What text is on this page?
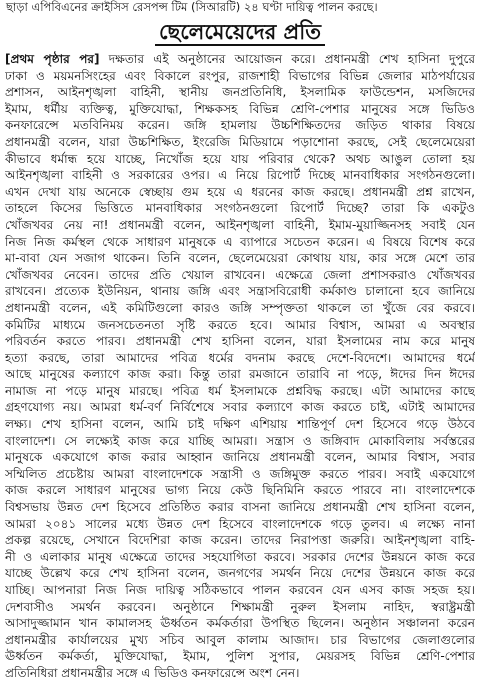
ছাড়া এপিবিএনের ক্রাইসিস রেসপন্স টিম (সিআরটি) ২৪ ঘণ্টা দায়িত্ব পালন করছে।
ছেলেমেয়েদের প্রতি
[প্রথম পৃষ্ঠার পর] দক্ষতার এই অনুষ্ঠানের আয়োজন করে। প্রধানমন্ত্রী শেখ হাসিনা দুপুরে
ঢাকা ও ময়মনসিংহের এবং বিকালে রংপুর, রাজশাহী বিভাগের বিভিন্ন জেলার মাঠপর্যায়ের
প্রশাসন, আইনশৃঙ্খলা বাহিনী, স্থানীয় জনপ্রতিনিধি, ইসলামিক ফাউন্ডেশন, মসজিদের
ইমাম, ধর্মীয় ব্যক্তিত্ব, মুক্তিযোদ্ধা, শিক্ষকসহ বিভিন্ন শ্রেণি-পেশার মানুষের সঙ্গে ভিডিও
কনফারেন্সে মতবিনিময় করেন। জঙ্গি হামলায় উচ্চশিক্ষিতদের জড়িত থাকার বিষয়ে
প্রধানমন্ত্রী বলেন, যারা উচ্চশিক্ষিত, ইংরেজি মিডিয়ামে পড়াশোনা করছে, সেই ছেলেমেয়েরা
কীভাবে ধর্মান্ধ হয়ে যাচ্ছে, নিখোঁজ হয়ে যায় পরিবার থেকে? অথচ আঙুল তোলা হয়
আইনশৃঙ্খলা বাহিনী ও সরকারের ওপর। এ নিয়ে রিপোর্ট দিচ্ছে মানবাধিকার সংগঠনগুলো।
এখন দেখা যায় অনেকে স্বেচ্ছায় গুম হয়ে এ ধরনের কাজ করছে। প্রধানমন্ত্রী প্রশ্ন রাখেন,
তাহলে কিসের ভিত্তিতে মানবাধিকার সংগঠনগুলো রিপোর্ট দিচ্ছে? তারা কি একটুও
খোঁজখবর নেয় না! প্রধানমন্ত্রী বলেন, আইনশৃঙ্খলা বাহিনী, ইমাম-মুয়াজ্জিনসহ সবাই যেন
নিজ নিজ কর্মস্থল থেকে সাধারণ মানুষকে এ ব্যাপারে সচেতন করেন। এ বিষয়ে বিশেষ করে
মা-বাবা যেন সজাগ থাকেন। তিনি বলেন, ছেলেমেয়েরা কোথায় যায়, কার সঙ্গে মেশে তার
খোঁজখবর নেবেন। তাদের প্রতি খেয়াল রাখবেন। এক্ষেত্রে জেলা প্রশাসকরাও খোঁজখবর
রাখবেন। প্রত্যেক ইউনিয়ন, থানায় জঙ্গি এবং সন্ত্রাসবিরোধী কর্মকাণ্ড চালানো হবে জানিয়ে
প্রধানমন্ত্রী বলেন, এই কমিটিগুলো কারও জঙ্গি সম্পৃক্ততা থাকলে তা খুঁজে বের করবে।
কমিটির মাধ্যমে জনসচেতনতা সৃষ্টি করতে হবে। আমার বিশ্বাস, আমরা এ অবস্থার
পরিবর্তন করতে পারব। প্রধানমন্ত্রী শেখ হাসিনা বলেন, যারা ইসলামের নাম করে মানুষ
হত্যা করছে, তারা আমাদের পবিত্র ধর্মের বদনাম করছে দেশে-বিদেশে। আমাদের ধর্মে
আছে মানুষের কল্যাণে কাজ করা। কিন্তু তারা রমজানে তারাবি না পড়ে, ঈদের দিন ঈদের
নামাজ না পড়ে মানুষ মারছে। পবিত্র ধর্ম ইসলামকে প্রশ্নবিদ্ধ করছে। এটা আমাদের কাছে
গ্রহণযোগ্য নয়। আমরা ধর্ম-বর্ণ নির্বিশেষে সবার কল্যাণে কাজ করতে চাই, এটাই আমাদের
লক্ষ্য। শেখ হাসিনা বলেন, আমি চাই দক্ষিণ এশিয়ায় শান্তিপূর্ণ দেশ হিসেবে গড়ে উঠবে
বাংলাদেশ। সে লক্ষ্যেই কাজ করে যাচ্ছি আমরা। সন্ত্রাস ও জঙ্গিবাদ মোকাবিলায় সর্বস্তরের
মানুষকে একযোগে কাজ করার আহ্বান জানিয়ে প্রধানমন্ত্রী বলেন, আমার বিশ্বাস, সবার
সম্মিলিত প্রচেষ্টায় আমরা বাংলাদেশকে সন্ত্রাসী ও জঙ্গিমুক্ত করতে পারব। সবাই একযোগে
কাজ করলে সাধারণ মানুষের ভাগ্য নিয়ে কেউ ছিনিমিনি করতে পারবে না। বাংলাদেশকে
বিশ্বসভায় উন্নত দেশ হিসেবে প্রতিষ্ঠিত করার বাসনা জানিয়ে প্রধানমন্ত্রী শেখ হাসিনা বলেন,
আমরা ২০৪১ সালের মধ্যে উন্নত দেশ হিসেবে বাংলাদেশকে গড়ে তুলব। এ লক্ষ্যে নানা
প্রকল্প রয়েছে, সেখানে বিদেশিরা কাজ করেন। তাদের নিরাপত্তা জরুরি। আইনশৃঙ্খলা বাহি-
নী ও এলাকার মানুষ এক্ষেত্রে তাদের সহযোগিতা করবে। সরকার দেশের উন্নয়নে কাজ করে
যাচ্ছে উল্লেখ করে শেখ হাসিনা বলেন, জনগণের সমর্থন নিয়ে দেশের উন্নয়নে কাজ করে
যাচ্ছি। আপনারা নিজ নিজ দায়িত্ব সঠিকভাবে পালন করবেন যেন এসব কাজ সহজ হয়।
দেশবাসীও সমর্থন করবেন। অনুষ্ঠানে শিক্ষামন্ত্রী নুরুল ইসলাম নাহিদ, স্বরাষ্ট্রমন্ত্রী
আসাদুজ্জামান খান কামালসহ ঊর্ধ্বতন কর্মকর্তারা উপস্থিত ছিলেন। অনুষ্ঠান সঞ্চালনা করেন
প্রধানমন্ত্রীর কার্যালয়ের মুখ্য সচিব আবুল কালাম আজাদ। চার বিভাগের জেলাগুলোর
ঊর্ধ্বতন কর্মকর্তা, মুক্তিযোদ্ধা, ইমাম, পুলিশ সুপার, মেয়রসহ বিভিন্ন শ্রেণি-পেশার
প্রতিনিধিরা প্রধানমন্ত্রীর সঙ্গে এ ভিডিও কনফারেন্সে অংশ নেন।
